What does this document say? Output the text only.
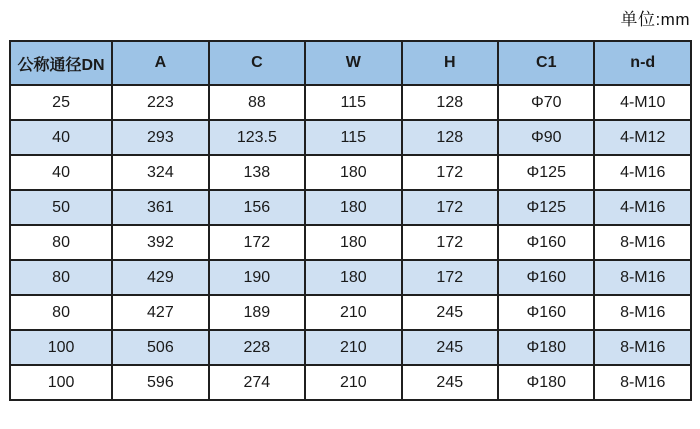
单位:mm
公称通径DN	A	C	W	H	C1	n-d
25	223	88	115	128	Φ70	4-M10
40	293	123.5	115	128	Φ90	4-M12
40	324	138	180	172	Φ125	4-M16
50	361	156	180	172	Φ125	4-M16
80	392	172	180	172	Φ160	8-M16
80	429	190	180	172	Φ160	8-M16
80	427	189	210	245	Φ160	8-M16
100	506	228	210	245	Φ180	8-M16
100	596	274	210	245	Φ180	8-M16
